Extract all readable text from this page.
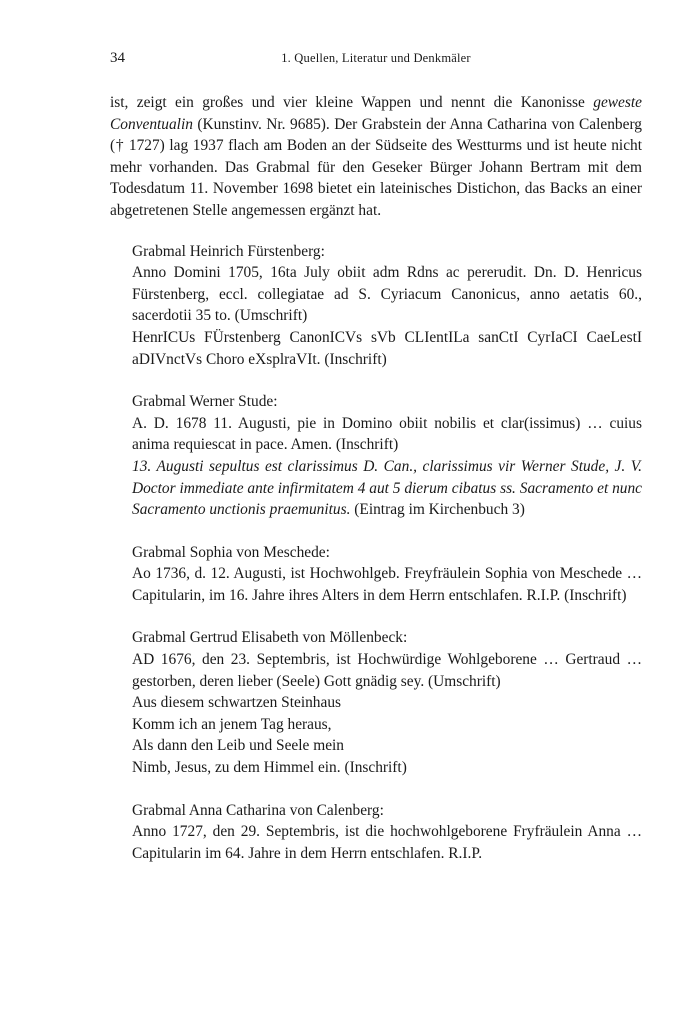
34	1. Quellen, Literatur und Denkmäler

ist, zeigt ein großes und vier kleine Wappen und nennt die Kanonisse geweste Conventualin (Kunstinv. Nr. 9685). Der Grabstein der Anna Catharina von Calenberg († 1727) lag 1937 flach am Boden an der Südseite des Westturms und ist heute nicht mehr vorhanden. Das Grabmal für den Geseker Bürger Johann Bertram mit dem Todesdatum 11. November 1698 bietet ein lateinisches Distichon, das Backs an einer abgetretenen Stelle angemessen ergänzt hat.

Grabmal Heinrich Fürstenberg:

Anno Domini 1705, 16ta July obiit adm Rdns ac pererudit. Dn. D. Henricus Fürstenberg, eccl. collegiatae ad S. Cyriacum Canonicus, anno aetatis 60., sacerdotii 35 to. (Umschrift)

HenrICUs FÜrstenberg CanonICVs sVb CLIentILa sanCtI CyrIaCI CaeLestI aDIVnctVs Choro eXsplraVIt. (Inschrift)

Grabmal Werner Stude:

A. D. 1678 11. Augusti, pie in Domino obiit nobilis et clar(issimus) … cuius anima requiescat in pace. Amen. (Inschrift)

13. Augusti sepultus est clarissimus D. Can., clarissimus vir Werner Stude, J. V. Doctor immediate ante infirmitatem 4 aut 5 dierum cibatus ss. Sacramento et nunc Sacramento unctionis praemunitus. (Eintrag im Kirchenbuch 3)

Grabmal Sophia von Meschede:

Ao 1736, d. 12. Augusti, ist Hochwohlgeb. Freyfräulein Sophia von Meschede … Capitularin, im 16. Jahre ihres Alters in dem Herrn entschlafen. R.I.P. (Inschrift)

Grabmal Gertrud Elisabeth von Möllenbeck:

AD 1676, den 23. Septembris, ist Hochwürdige Wohlgeborene … Gertraud … gestorben, deren lieber (Seele) Gott gnädig sey. (Umschrift)

Aus diesem schwartzen Steinhaus

Komm ich an jenem Tag heraus,

Als dann den Leib und Seele mein

Nimb, Jesus, zu dem Himmel ein. (Inschrift)

Grabmal Anna Catharina von Calenberg:

Anno 1727, den 29. Septembris, ist die hochwohlgeborene Fryfräulein Anna … Capitularin im 64. Jahre in dem Herrn entschlafen. R.I.P.
